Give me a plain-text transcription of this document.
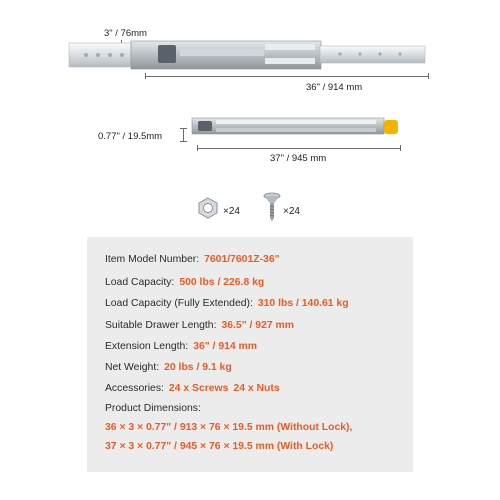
3" / 76mm
36" / 914 mm
0.77" / 19.5mm
37" / 945 mm
×24	×24
Item Model Number: 7601/7601Z-36"
Load Capacity: 500 lbs / 226.8 kg
Load Capacity (Fully Extended): 310 lbs / 140.61 kg
Suitable Drawer Length: 36.5" / 927 mm
Extension Length: 36" / 914 mm
Net Weight: 20 lbs / 9.1 kg
Accessories: 24 x Screws 24 x Nuts
Product Dimensions:
36 × 3 × 0.77" / 913 × 76 × 19.5 mm (Without Lock),
37 × 3 × 0.77" / 945 × 76 × 19.5 mm (With Lock)
